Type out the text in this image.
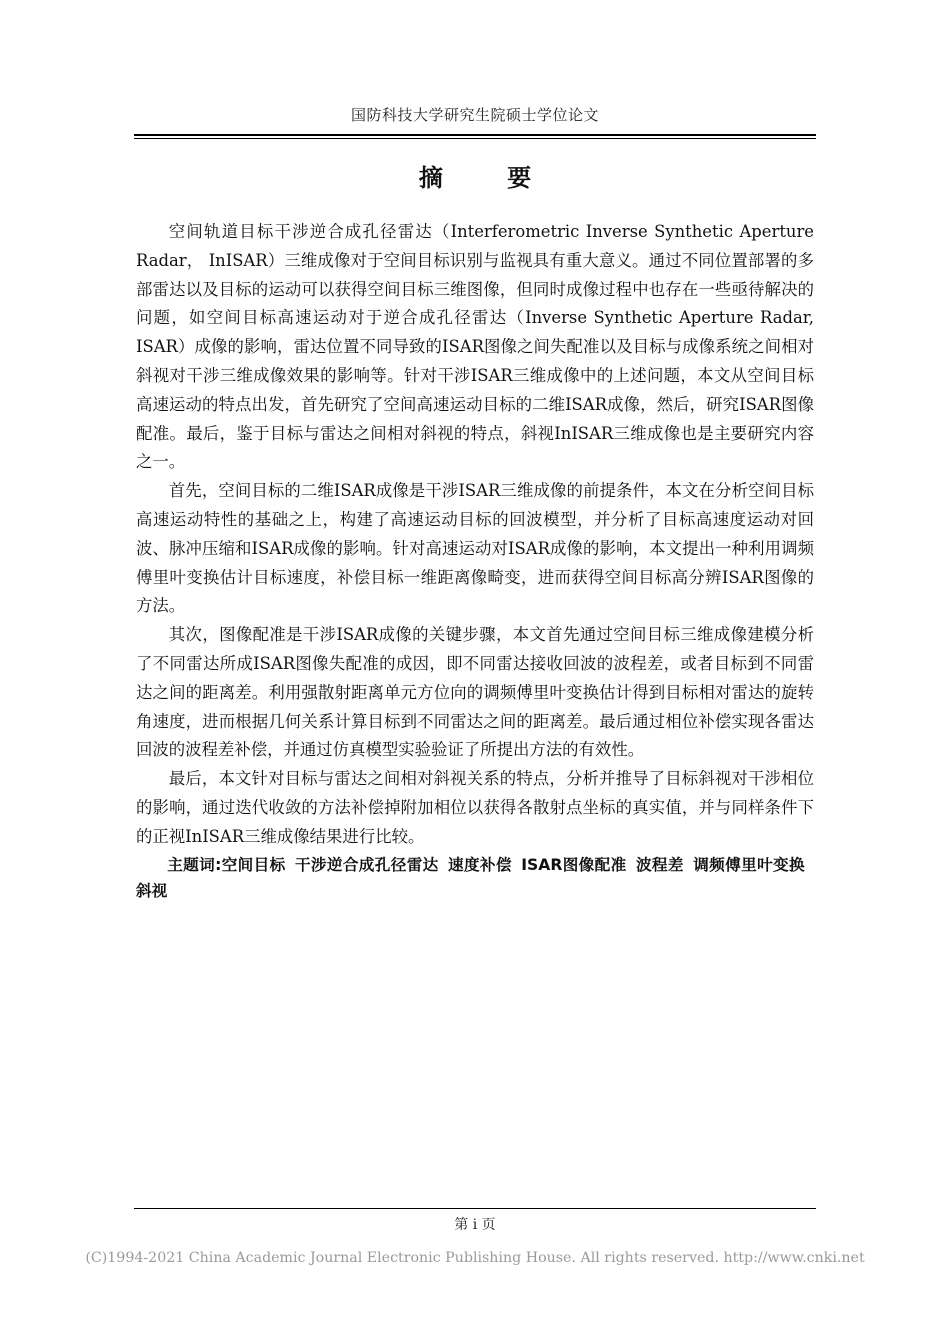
国防科技大学研究生院硕士学位论文
摘 要

空间轨道目标干涉逆合成孔径雷达（Interferometric Inverse Synthetic Aperture Radar， InISAR）三维成像对于空间目标识别与监视具有重大意义。通过不同位置部署的多部雷达以及目标的运动可以获得空间目标三维图像，但同时成像过程中也存在一些亟待解决的问题，如空间目标高速运动对于逆合成孔径雷达（Inverse Synthetic Aperture Radar, ISAR）成像的影响，雷达位置不同导致的ISAR图像之间失配准以及目标与成像系统之间相对斜视对干涉三维成像效果的影响等。针对干涉ISAR三维成像中的上述问题，本文从空间目标高速运动的特点出发，首先研究了空间高速运动目标的二维ISAR成像，然后，研究ISAR图像配准。最后，鉴于目标与雷达之间相对斜视的特点，斜视InISAR三维成像也是主要研究内容之一。

首先，空间目标的二维ISAR成像是干涉ISAR三维成像的前提条件，本文在分析空间目标高速运动特性的基础之上，构建了高速运动目标的回波模型，并分析了目标高速度运动对回波、脉冲压缩和ISAR成像的影响。针对高速运动对ISAR成像的影响，本文提出一种利用调频傅里叶变换估计目标速度，补偿目标一维距离像畸变，进而获得空间目标高分辨ISAR图像的方法。

其次，图像配准是干涉ISAR成像的关键步骤，本文首先通过空间目标三维成像建模分析了不同雷达所成ISAR图像失配准的成因，即不同雷达接收回波的波程差，或者目标到不同雷达之间的距离差。利用强散射距离单元方位向的调频傅里叶变换估计得到目标相对雷达的旋转角速度，进而根据几何关系计算目标到不同雷达之间的距离差。最后通过相位补偿实现各雷达回波的波程差补偿，并通过仿真模型实验验证了所提出方法的有效性。

最后，本文针对目标与雷达之间相对斜视关系的特点，分析并推导了目标斜视对干涉相位的影响，通过迭代收敛的方法补偿掉附加相位以获得各散射点坐标的真实值，并与同样条件下的正视InISAR三维成像结果进行比较。

主题词:空间目标 干涉逆合成孔径雷达 速度补偿 ISAR图像配准 波程差 调频傅里叶变换斜视

第 i 页
(C)1994-2021 China Academic Journal Electronic Publishing House. All rights reserved. http://www.cnki.net
